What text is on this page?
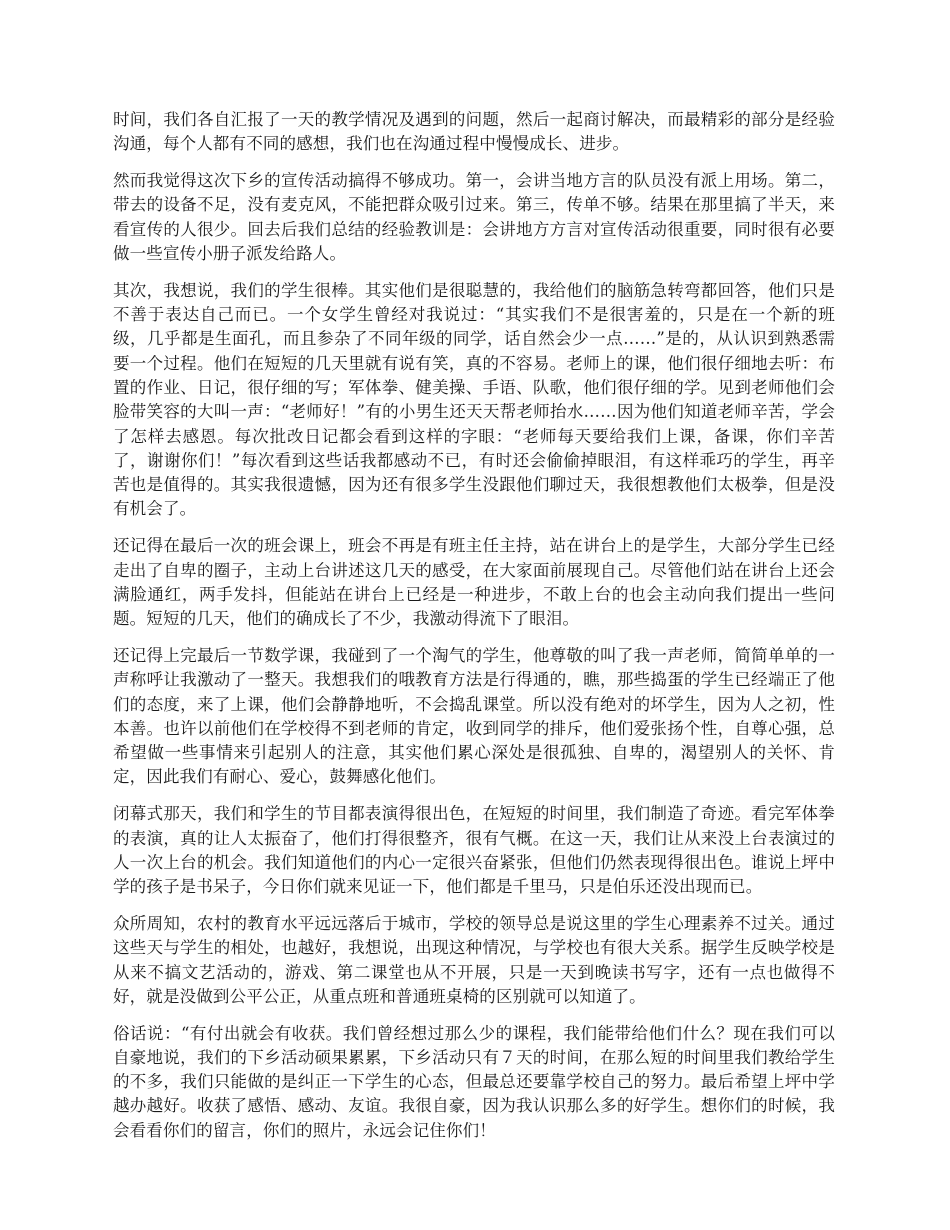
时间，我们各自汇报了一天的教学情况及遇到的问题，然后一起商讨解决，而最精彩的部分是经验沟通，每个人都有不同的感想，我们也在沟通过程中慢慢成长、进步。

然而我觉得这次下乡的宣传活动搞得不够成功。第一，会讲当地方言的队员没有派上用场。第二，带去的设备不足，没有麦克风，不能把群众吸引过来。第三，传单不够。结果在那里搞了半天，来看宣传的人很少。回去后我们总结的经验教训是：会讲地方方言对宣传活动很重要，同时很有必要做一些宣传小册子派发给路人。

其次，我想说，我们的学生很棒。其实他们是很聪慧的，我给他们的脑筋急转弯都回答，他们只是不善于表达自己而已。一个女学生曾经对我说过：“其实我们不是很害羞的，只是在一个新的班级，几乎都是生面孔，而且参杂了不同年级的同学，话自然会少一点……”是的，从认识到熟悉需要一个过程。他们在短短的几天里就有说有笑，真的不容易。老师上的课，他们很仔细地去听：布置的作业、日记，很仔细的写；军体拳、健美操、手语、队歌，他们很仔细的学。见到老师他们会脸带笑容的大叫一声：“老师好！”有的小男生还天天帮老师抬水……因为他们知道老师辛苦，学会了怎样去感恩。每次批改日记都会看到这样的字眼：“老师每天要给我们上课，备课，你们辛苦了，谢谢你们！”每次看到这些话我都感动不已，有时还会偷偷掉眼泪，有这样乖巧的学生，再辛苦也是值得的。其实我很遗憾，因为还有很多学生没跟他们聊过天，我很想教他们太极拳，但是没有机会了。

还记得在最后一次的班会课上，班会不再是有班主任主持，站在讲台上的是学生，大部分学生已经走出了自卑的圈子，主动上台讲述这几天的感受，在大家面前展现自己。尽管他们站在讲台上还会满脸通红，两手发抖，但能站在讲台上已经是一种进步，不敢上台的也会主动向我们提出一些问题。短短的几天，他们的确成长了不少，我激动得流下了眼泪。

还记得上完最后一节数学课，我碰到了一个淘气的学生，他尊敬的叫了我一声老师，简简单单的一声称呼让我激动了一整天。我想我们的哦教育方法是行得通的，瞧，那些捣蛋的学生已经端正了他们的态度，来了上课，他们会静静地听，不会捣乱课堂。所以没有绝对的坏学生，因为人之初，性本善。也许以前他们在学校得不到老师的肯定，收到同学的排斥，他们爱张扬个性，自尊心强，总希望做一些事情来引起别人的注意，其实他们累心深处是很孤独、自卑的，渴望别人的关怀、肯定，因此我们有耐心、爱心，鼓舞感化他们。

闭幕式那天，我们和学生的节目都表演得很出色，在短短的时间里，我们制造了奇迹。看完军体拳的表演，真的让人太振奋了，他们打得很整齐，很有气概。在这一天，我们让从来没上台表演过的人一次上台的机会。我们知道他们的内心一定很兴奋紧张，但他们仍然表现得很出色。谁说上坪中学的孩子是书呆子，今日你们就来见证一下，他们都是千里马，只是伯乐还没出现而已。

众所周知，农村的教育水平远远落后于城市，学校的领导总是说这里的学生心理素养不过关。通过这些天与学生的相处，也越好，我想说，出现这种情况，与学校也有很大关系。据学生反映学校是从来不搞文艺活动的，游戏、第二课堂也从不开展，只是一天到晚读书写字，还有一点也做得不好，就是没做到公平公正，从重点班和普通班桌椅的区别就可以知道了。

俗话说：“有付出就会有收获。我们曾经想过那么少的课程，我们能带给他们什么？现在我们可以自豪地说，我们的下乡活动硕果累累，下乡活动只有７天的时间，在那么短的时间里我们教给学生的不多，我们只能做的是纠正一下学生的心态，但最总还要靠学校自己的努力。最后希望上坪中学越办越好。收获了感悟、感动、友谊。我很自豪，因为我认识那么多的好学生。想你们的时候，我会看看你们的留言，你们的照片，永远会记住你们！
